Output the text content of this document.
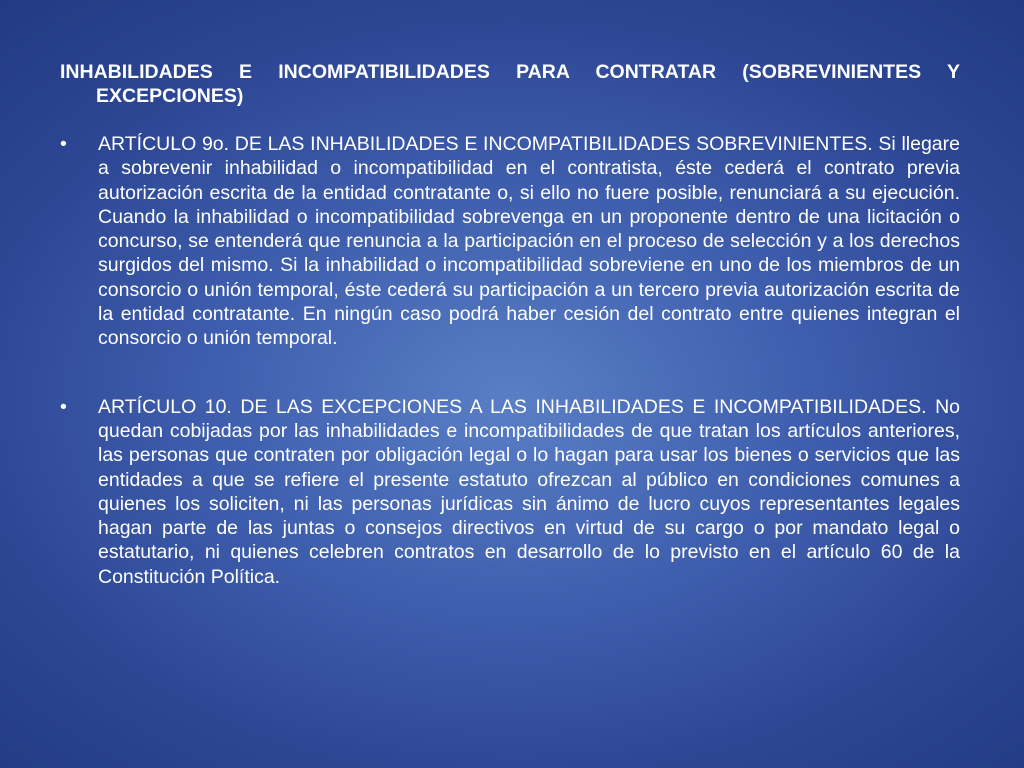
INHABILIDADES E INCOMPATIBILIDADES PARA CONTRATAR (SOBREVINIENTES Y EXCEPCIONES)
•	ARTÍCULO 9o. DE LAS INHABILIDADES E INCOMPATIBILIDADES SOBREVINIENTES. Si llegare a sobrevenir inhabilidad o incompatibilidad en el contratista, éste cederá el contrato previa autorización escrita de la entidad contratante o, si ello no fuere posible, renunciará a su ejecución. Cuando la inhabilidad o incompatibilidad sobrevenga en un proponente dentro de una licitación o concurso, se entenderá que renuncia a la participación en el proceso de selección y a los derechos surgidos del mismo. Si la inhabilidad o incompatibilidad sobreviene en uno de los miembros de un consorcio o unión temporal, éste cederá su participación a un tercero previa autorización escrita de la entidad contratante. En ningún caso podrá haber cesión del contrato entre quienes integran el consorcio o unión temporal.
•	ARTÍCULO 10. DE LAS EXCEPCIONES A LAS INHABILIDADES E INCOMPATIBILIDADES. No quedan cobijadas por las inhabilidades e incompatibilidades de que tratan los artículos anteriores, las personas que contraten por obligación legal o lo hagan para usar los bienes o servicios que las entidades a que se refiere el presente estatuto ofrezcan al público en condiciones comunes a quienes los soliciten, ni las personas jurídicas sin ánimo de lucro cuyos representantes legales hagan parte de las juntas o consejos directivos en virtud de su cargo o por mandato legal o estatutario, ni quienes celebren contratos en desarrollo de lo previsto en el artículo 60 de la Constitución Política.
